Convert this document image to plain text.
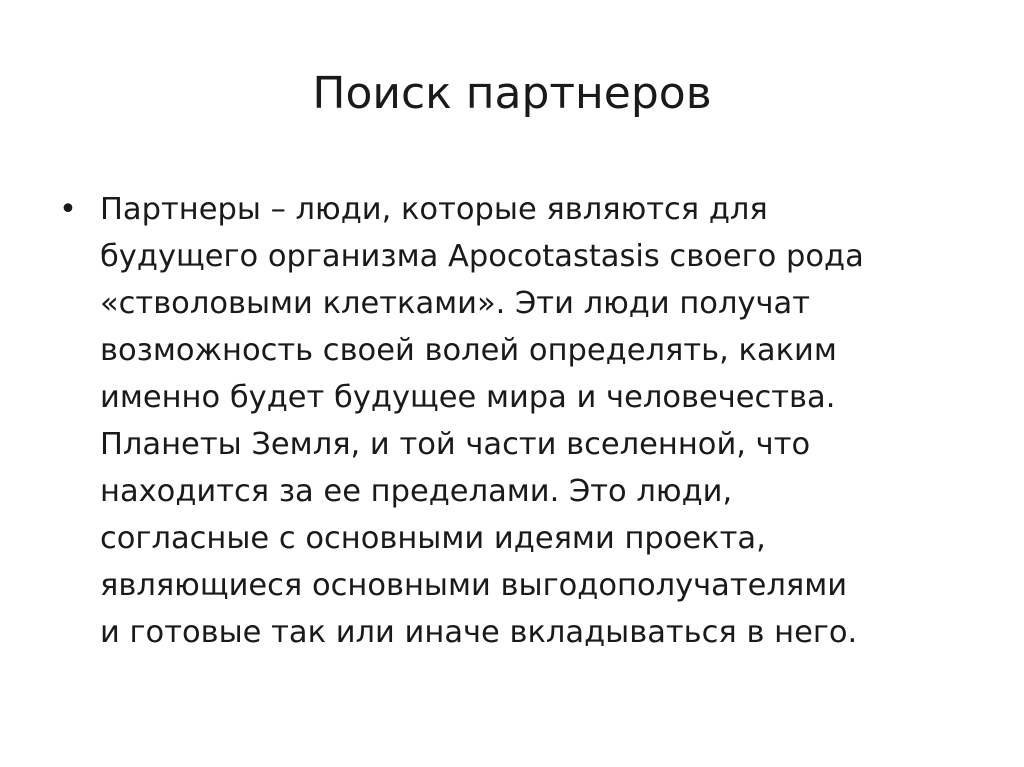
Поиск партнеров
• Партнеры – люди, которые являются для
будущего организма Apocotastasis своего рода
«стволовыми клетками». Эти люди получат
возможность своей волей определять, каким
именно будет будущее мира и человечества.
Планеты Земля, и той части вселенной, что
находится за ее пределами. Это люди,
согласные с основными идеями проекта,
являющиеся основными выгодополучателями
и готовые так или иначе вкладываться в него.
